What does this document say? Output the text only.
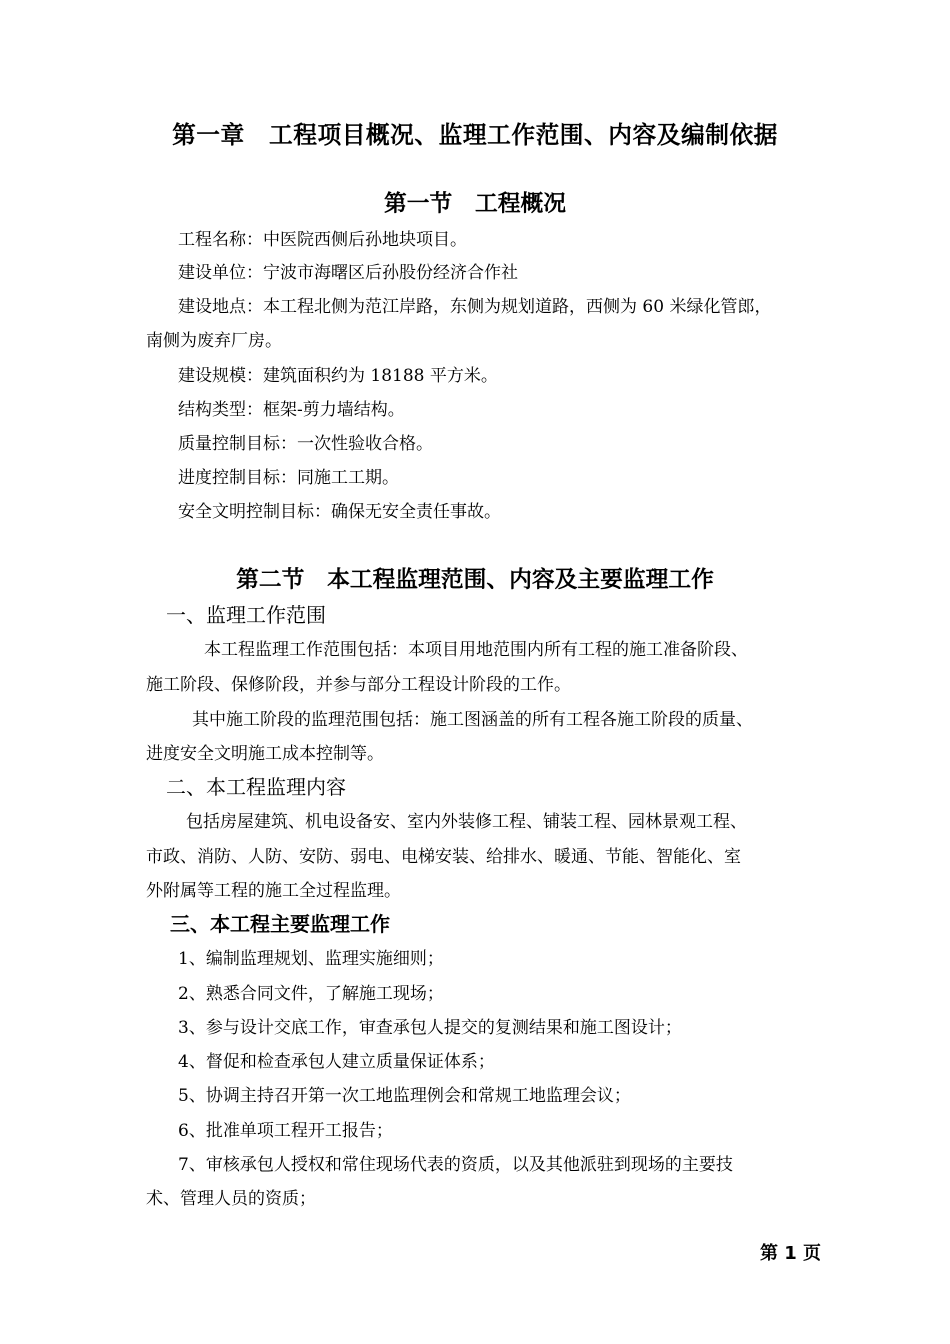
第一章　工程项目概况、监理工作范围、内容及编制依据
第一节　工程概况
工程名称：中医院西侧后孙地块项目。
建设单位：宁波市海曙区后孙股份经济合作社
建设地点：本工程北侧为范江岸路，东侧为规划道路，西侧为 60 米绿化管郎，
南侧为废弃厂房。
建设规模：建筑面积约为 18188 平方米。
结构类型：框架-剪力墙结构。
质量控制目标：一次性验收合格。
进度控制目标：同施工工期。
安全文明控制目标：确保无安全责任事故。
第二节　本工程监理范围、内容及主要监理工作
一、监理工作范围
本工程监理工作范围包括：本项目用地范围内所有工程的施工准备阶段、
施工阶段、保修阶段，并参与部分工程设计阶段的工作。
其中施工阶段的监理范围包括：施工图涵盖的所有工程各施工阶段的质量、
进度安全文明施工成本控制等。
二、本工程监理内容
包括房屋建筑、机电设备安、室内外装修工程、铺装工程、园林景观工程、
市政、消防、人防、安防、弱电、电梯安装、给排水、暖通、节能、智能化、室
外附属等工程的施工全过程监理。
三、本工程主要监理工作
1、编制监理规划、监理实施细则；
2、熟悉合同文件，了解施工现场；
3、参与设计交底工作，审查承包人提交的复测结果和施工图设计；
4、督促和检查承包人建立质量保证体系；
5、协调主持召开第一次工地监理例会和常规工地监理会议；
6、批准单项工程开工报告；
7、审核承包人授权和常住现场代表的资质，以及其他派驻到现场的主要技
术、管理人员的资质；
第 1 页
